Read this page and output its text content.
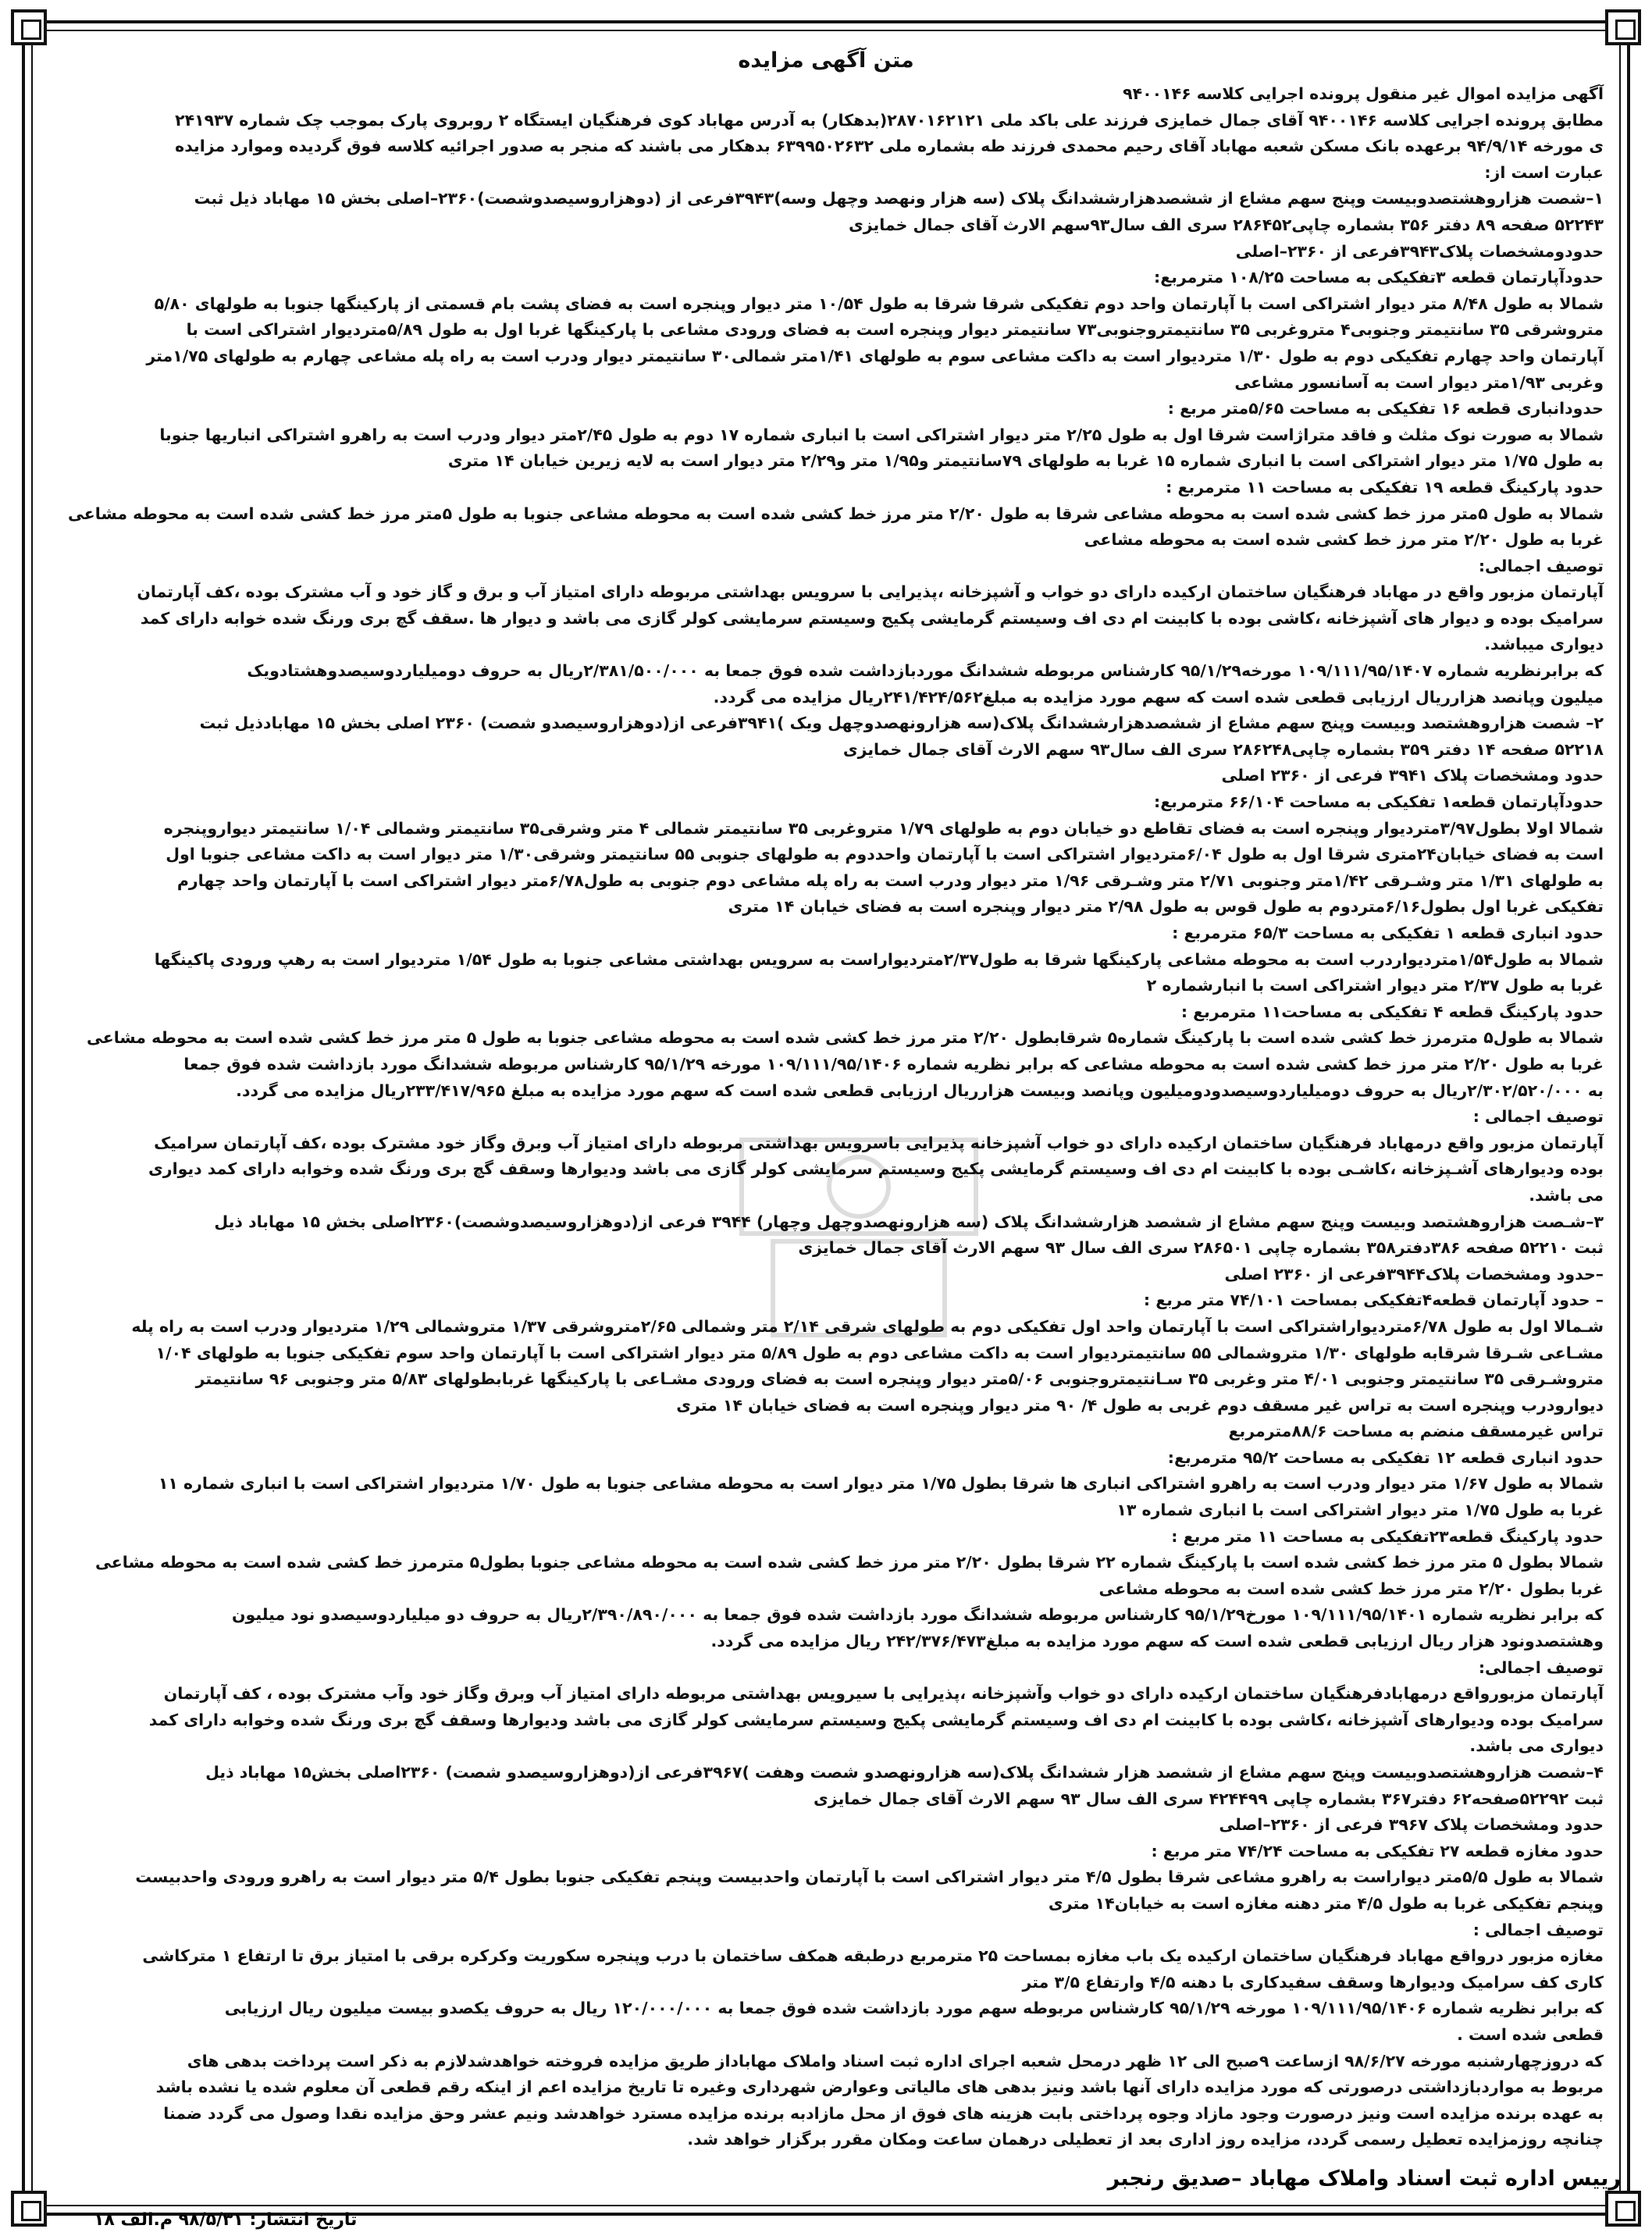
متن آگهی مزایده
آگهی مزایده اموال غیر منقول پرونده اجرایی کلاسه ۹۴۰۰۱۴۶
مطابق پرونده اجرایی کلاسه ۹۴۰۰۱۴۶ آقای جمال خمایزی فرزند علی باکد ملی ۲۸۷۰۱۶۲۱۲۱(بدهکار) به آدرس مهاباد کوی فرهنگیان ایستگاه ۲ روبروی پارک بموجب چک شماره ۲۴۱۹۳۷
ی مورخه ۹۴/۹/۱۴ برعهده بانک مسکن شعبه مهاباد آقای رحیم محمدی فرزند طه بشماره ملی ۶۳۹۹۵۰۲۶۳۲ بدهکار می باشند که منجر به صدور اجرائیه کلاسه فوق گردیده وموارد مزایده
عبارت است از:
۱–شصت هزاروهشتصدوبیست وپنج سهم مشاع از ششصدهزارششدانگ پلاک (سه هزار ونهصد وچهل وسه)۳۹۴۳فرعی از (دوهزاروسیصدوشصت)۲۳۶۰–اصلی بخش ۱۵ مهاباد ذیل ثبت
۵۲۲۴۳ صفحه ۸۹ دفتر ۳۵۶ بشماره چاپی۲۸۶۴۵۲ سری الف سال۹۳سهم الارث آقای جمال خمایزی
حدودومشخصات پلاک۳۹۴۳فرعی از ۲۳۶۰–اصلی
حدودآپارتمان قطعه ۳تفکیکی به مساحت ۱۰۸/۲۵ مترمربع:
شمالا به طول ۸/۴۸ متر دیوار اشتراکی است با آپارتمان واحد دوم تفکیکی شرقا شرقا به طول ۱۰/۵۴ متر دیوار وپنجره است به فضای پشت بام قسمتی از پارکینگها جنوبا به طولهای ۵/۸۰
متروشرقی ۳۵ سانتیمتر وجنوبی۴ متروغربی ۳۵ سانتیمتروجنوبی۷۳ سانتیمتر دیوار وپنجره است به فضای ورودی مشاعی با پارکینگها غربا اول به طول ۵/۸۹متردیوار اشتراکی است با
آپارتمان واحد چهارم تفکیکی دوم به طول ۱/۳۰ متردیوار است به داکت مشاعی سوم به طولهای ۱/۴۱متر شمالی۳۰ سانتیمتر دیوار ودرب است به راه پله مشاعی چهارم به طولهای ۱/۷۵متر
وغربی ۱/۹۳متر دیوار است به آسانسور مشاعی
حدودانباری قطعه ۱۶ تفکیکی به مساحت ۵/۶۵متر مربع :
شمالا به صورت نوک مثلث و فاقد متراژاست شرقا اول به طول ۲/۲۵ متر دیوار اشتراکی است با انباری شماره ۱۷ دوم به طول ۲/۴۵متر دیوار ودرب است به راهرو اشتراکی انباریها جنوبا
به طول ۱/۷۵ متر دیوار اشتراکی است با انباری شماره ۱۵ غربا به طولهای ۷۹سانتیمتر و۱/۹۵ متر و۲/۲۹ متر دیوار است به لایه زیرین خیابان ۱۴ متری
حدود پارکینگ قطعه ۱۹ تفکیکی به مساحت ۱۱ مترمربع :
شمالا به طول ۵متر مرز خط کشی شده است به محوطه مشاعی شرقا به طول ۲/۲۰ متر مرز خط کشی شده است به محوطه مشاعی جنوبا به طول ۵متر مرز خط کشی شده است به محوطه مشاعی
غربا به طول ۲/۲۰ متر مرز خط کشی شده است به محوطه مشاعی
توصیف اجمالی:
آپارتمان مزبور واقع در مهاباد فرهنگیان ساختمان ارکیده دارای دو خواب و آشپزخانه ،پذیرایی با سرویس بهداشتی مربوطه دارای امتیاز آب و برق و گاز خود و آب مشترک بوده ،کف آپارتمان
سرامیک بوده و دیوار های آشپزخانه ،کاشی بوده با کابینت ام دی اف وسیستم گرمایشی پکیج وسیستم سرمایشی کولر گازی می باشد و دیوار ها .سقف گچ بری ورنگ شده خوابه دارای کمد
دیواری میباشد.
که برابرنظریه شماره ۱۰۹/۱۱۱/۹۵/۱۴۰۷ مورخه۹۵/۱/۲۹ کارشناس مربوطه ششدانگ موردبازداشت شده فوق جمعا به ۲/۳۸۱/۵۰۰/۰۰۰ریال به حروف دومیلیاردوسیصدوهشتادویک
میلیون وپانصد هزارریال ارزیابی قطعی شده است که سهم مورد مزایده به مبلغ۲۴۱/۴۲۴/۵۶۲ریال مزایده می گردد.
۲– شصت هزاروهشتصد وبیست وپنج سهم مشاع از ششصدهزارششدانگ پلاک(سه هزارونهصدوچهل ویک )۳۹۴۱فرعی از(دوهزاروسیصدو شصت) ۲۳۶۰ اصلی بخش ۱۵ مهابادذیل ثبت
۵۲۲۱۸ صفحه ۱۴ دفتر ۳۵۹ بشماره چاپی۲۸۶۲۴۸ سری الف سال۹۳ سهم الارث آقای جمال خمایزی
حدود ومشخصات پلاک ۳۹۴۱ فرعی از ۲۳۶۰ اصلی
حدودآپارتمان قطعه۱ تفکیکی به مساحت ۶۶/۱۰۴ مترمربع:
شمالا اولا بطول۳/۹۷متردیوار وپنجره است به فضای تقاطع دو خیابان دوم به طولهای ۱/۷۹ متروغربی ۳۵ سانتیمتر شمالی ۴ متر وشرقی۳۵ سانتیمتر وشمالی ۱/۰۴ سانتیمتر دیواروپنجره
است به فضای خیابان۲۴متری شرقا اول به طول ۶/۰۴متردیوار اشتراکی است با آپارتمان واحددوم به طولهای جنوبی ۵۵ سانتیمتر وشرقی۱/۳۰ متر دیوار است به داکت مشاعی جنوبا اول
به طولهای ۱/۳۱ متر وشـرقی ۱/۴۲متر وجنوبی ۲/۷۱ متر وشـرقی ۱/۹۶ متر دیوار ودرب است به راه پله مشاعی دوم جنوبی به طول۶/۷۸متر دیوار اشتراکی است با آپارتمان واحد چهارم
تفکیکی غربا اول بطول۶/۱۶متردوم به طول قوس به طول ۲/۹۸ متر دیوار وپنجره است به فضای خیابان ۱۴ متری
حدود انباری قطعه ۱ تفکیکی به مساحت ۶۵/۳ مترمربع :
شمالا به طول۱/۵۴متردیواردرب است به محوطه مشاعی پارکینگها شرقا به طول۲/۳۷متردیواراست به سرویس بهداشتی مشاعی جنوبا به طول ۱/۵۴ متردیوار است به رهپ ورودی پاکینگها
غربا به طول ۲/۳۷ متر دیوار اشتراکی است با انبارشماره ۲
حدود پارکینگ قطعه ۴ تفکیکی به مساحت۱۱ مترمربع :
شمالا به طول۵ مترمرز خط کشی شده است با پارکینگ شماره۵ شرقابطول ۲/۲۰ متر مرز خط کشی شده است به محوطه مشاعی جنوبا به طول ۵ متر مرز خط کشی شده است به محوطه مشاعی
غربا به طول ۲/۲۰ متر مرز خط کشی شده است به محوطه مشاعی که برابر نظریه شماره ۱۰۹/۱۱۱/۹۵/۱۴۰۶ مورخه ۹۵/۱/۲۹ کارشناس مربوطه ششدانگ مورد بازداشت شده فوق جمعا
به ۲/۳۰۲/۵۲۰/۰۰۰ریال به حروف دومیلیاردوسیصدودومیلیون وپانصد وبیست هزارریال ارزیابی قطعی شده است که سهم مورد مزایده به مبلغ ۲۳۳/۴۱۷/۹۶۵ریال مزایده می گردد.
توصیف اجمالی :
آپارتمان مزبور واقع درمهاباد فرهنگیان ساختمان ارکیده دارای دو خواب آشپزخانه پذیرایی باسرویس بهداشتی مربوطه دارای امتیاز آب وبرق وگاز خود مشترک بوده ،کف آپارتمان سرامیک
بوده ودیوارهای آشـپزخانه ،کاشـی بوده با کابینت ام دی اف وسیستم گرمایشی پکیج وسیستم سرمایشی کولر گازی می باشد ودیوارها وسقف گچ بری ورنگ شده وخوابه دارای کمد دیواری
می باشد.
۳–شـصت هزاروهشتصد وبیست وپنج سهم مشاع از ششصد هزارششدانگ پلاک (سه هزارونهصدوچهل وچهار) ۳۹۴۴ فرعی از(دوهزاروسیصدوشصت)۲۳۶۰اصلی بخش ۱۵ مهاباد ذیل
ثبت ۵۲۲۱۰ صفحه ۳۸۶دفتر۳۵۸ بشماره چاپی ۲۸۶۵۰۱ سری الف سال ۹۳ سهم الارث آقای جمال خمایزی
–حدود ومشخصات پلاک۳۹۴۴فرعی از ۲۳۶۰ اصلی
– حدود آپارتمان قطعه۴تفکیکی بمساحت ۷۴/۱۰۱ متر مربع :
شـمالا اول به طول ۶/۷۸متردیواراشتراکی است با آپارتمان واحد اول تفکیکی دوم به طولهای شرقی ۲/۱۴ متر وشمالی ۲/۶۵متروشرقی ۱/۳۷ متروشمالی ۱/۲۹ متردیوار ودرب است به راه پله
مشـاعی شـرقا شرقابه طولهای ۱/۳۰ متروشمالی ۵۵ سانتیمتردیوار است به داکت مشاعی دوم به طول ۵/۸۹ متر دیوار اشتراکی است با آپارتمان واحد سوم تفکیکی جنوبا به طولهای ۱/۰۴
متروشـرقی ۳۵ سانتیمتر وجنوبی ۴/۰۱ متر وغربی ۳۵ سـانتیمتروجنوبی ۵/۰۶متر دیوار وپنجره است به فضای ورودی مشـاعی با پارکینگها غربابطولهای ۵/۸۳ متر وجنوبی ۹۶ سانتیمتر
دیوارودرب وپنجره است به تراس غیر مسقف دوم غربی به طول ۴/ ۹۰ متر دیوار وپنجره است به فضای خیابان ۱۴ متری
تراس غیرمسقف منضم به مساحت ۸۸/۶مترمربع
حدود انباری قطعه ۱۲ تفکیکی به مساحت ۹۵/۲ مترمربع:
شمالا به طول ۱/۶۷ متر دیوار ودرب است به راهرو اشتراکی انباری ها شرقا بطول ۱/۷۵ متر دیوار است به محوطه مشاعی جنوبا به طول ۱/۷۰ متردیوار اشتراکی است با انباری شماره ۱۱
غربا به طول ۱/۷۵ متر دیوار اشتراکی است با انباری شماره ۱۳
حدود پارکینگ قطعه۲۳تفکیکی به مساحت ۱۱ متر مربع :
شمالا بطول ۵ متر مرز خط کشی شده است با پارکینگ شماره ۲۲ شرقا بطول ۲/۲۰ متر مرز خط کشی شده است به محوطه مشاعی جنوبا بطول۵ مترمرز خط کشی شده است به محوطه مشاعی
غربا بطول ۲/۲۰ متر مرز خط کشی شده است به محوطه مشاعی
که برابر نظریه شماره ۱۰۹/۱۱۱/۹۵/۱۴۰۱ مورخ۹۵/۱/۲۹ کارشناس مربوطه ششدانگ مورد بازداشت شده فوق جمعا به ۲/۳۹۰/۸۹۰/۰۰۰ریال به حروف دو میلیاردوسیصدو نود میلیون
وهشتصدونود هزار ریال ارزیابی قطعی شده است که سهم مورد مزایده به مبلغ۲۴۲/۳۷۶/۴۷۳ ریال مزایده می گردد.
توصیف اجمالی:
آپارتمان مزبورواقع درمهابادفرهنگیان ساختمان ارکیده دارای دو خواب وآشپزخانه ،پذیرایی با سیرویس بهداشتی مربوطه دارای امتیاز آب وبرق وگاز خود وآب مشترک بوده ، کف آپارتمان
سرامیک بوده ودیوارهای آشپزخانه ،کاشی بوده با کابینت ام دی اف وسیستم گرمایشی پکیج وسیستم سرمایشی کولر گازی می باشد ودیوارها وسقف گچ بری ورنگ شده وخوابه دارای کمد
دیواری می باشد.
۴–شصت هزاروهشتصدوبیست وپنج سهم مشاع از ششصد هزار ششدانگ پلاک(سه هزارونهصدو شصت وهفت )۳۹۶۷فرعی از(دوهزاروسیصدو شصت) ۲۳۶۰اصلی بخش۱۵ مهاباد ذیل
ثبت ۵۲۲۹۲صفحه۶۲ دفتر۳۶۷ بشماره چاپی ۴۲۴۴۹۹ سری الف سال ۹۳ سهم الارث آقای جمال خمایزی
حدود ومشخصات پلاک ۳۹۶۷ فرعی از ۲۳۶۰–اصلی
حدود مغازه قطعه ۲۷ تفکیکی به مساحت ۷۴/۲۴ متر مربع :
شمالا به طول ۵/۵متر دیواراست به راهرو مشاعی شرقا بطول ۴/۵ متر دیوار اشتراکی است با آپارتمان واحدبیست وپنجم تفکیکی جنوبا بطول ۵/۴ متر دیوار است به راهرو ورودی واحدبیست
وپنجم تفکیکی غربا به طول ۴/۵ متر دهنه مغازه است به خیابان۱۴ متری
توصیف اجمالی :
مغازه مزبور درواقع مهاباد فرهنگیان ساختمان ارکیده یک باب مغازه بمساحت ۲۵ مترمربع درطبقه همکف ساختمان با درب وپنجره سکوریت وکرکره برقی با امتیاز برق تا ارتفاع ۱ مترکاشی
کاری کف سرامیک ودیوارها وسقف سفیدکاری با دهنه ۴/۵ وارتفاع ۳/۵ متر
که برابر نظریه شماره ۱۰۹/۱۱۱/۹۵/۱۴۰۶ مورخه ۹۵/۱/۲۹ کارشناس مربوطه سهم مورد بازداشت شده فوق جمعا به ۱۲۰/۰۰۰/۰۰۰ ریال به حروف یکصدو بیست میلیون ریال ارزیابی
قطعی شده است .
که دروزچهارشنبه مورخه ۹۸/۶/۲۷ ازساعت ۹صبح الی ۱۲ ظهر درمحل شعبه اجرای اداره ثبت اسناد واملاک مهاباداز طریق مزایده فروخته خواهدشدلازم به ذکر است پرداخت بدهی های
مربوط به مواردبازداشتی درصورتی که مورد مزایده دارای آنها باشد ونیز بدهی های مالیاتی وعوارض شهرداری وغیره تا تاریخ مزایده اعم از اینکه رقم قطعی آن معلوم شده یا نشده باشد
به عهده برنده مزایده است ونیز درصورت وجود مازاد وجوه پرداختی بابت هزینه های فوق از محل مازادبه برنده مزایده مسترد خواهدشد ونیم عشر وحق مزایده نقدا وصول می گردد ضمنا
چنانچه روزمزایده تعطیل رسمی گردد، مزایده روز اداری بعد از تعطیلی درهمان ساعت ومکان مقرر برگزار خواهد شد.
رییس اداره ثبت اسناد واملاک مهاباد –صدیق رنجبر
تاریخ انتشار: ۹۸/۵/۳۱ م.الف ۱۸
